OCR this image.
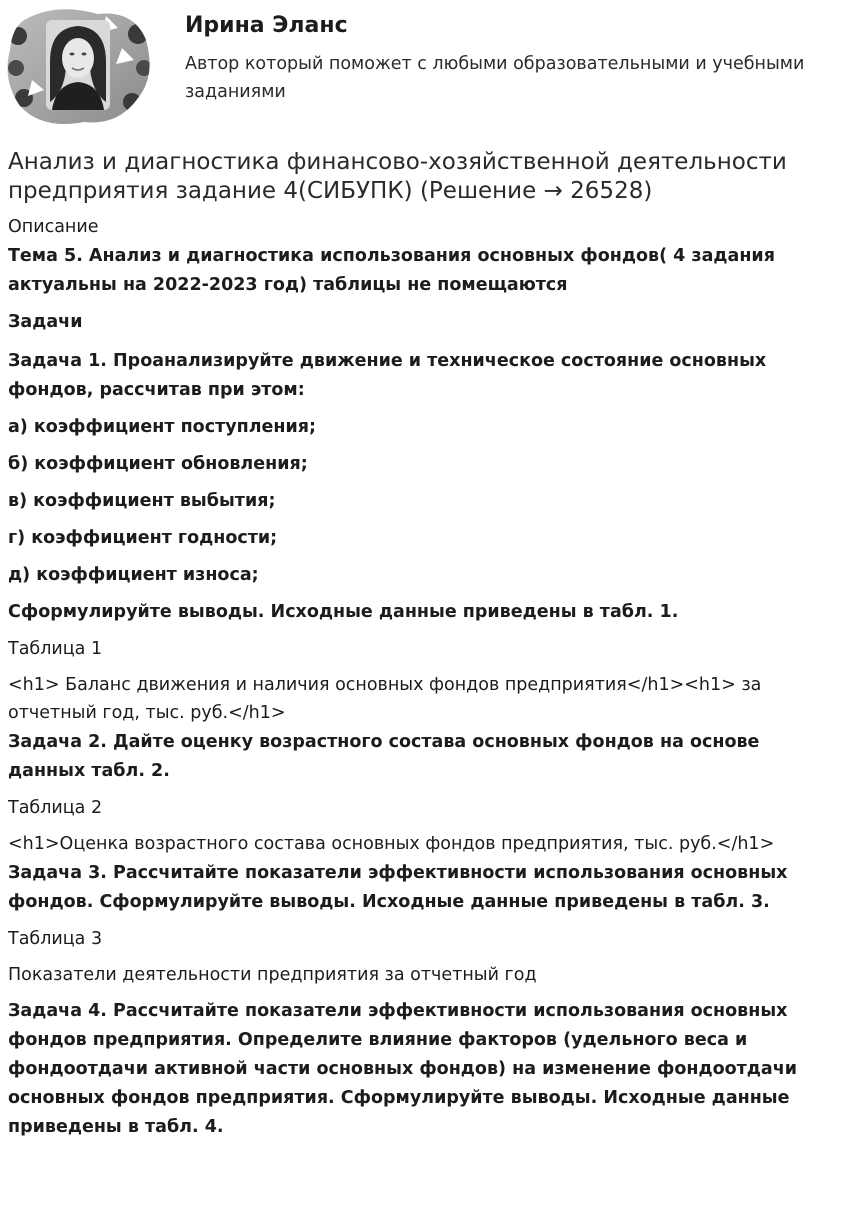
Ирина Эланс
Автор который поможет с любыми образовательными и учебными заданиями
Анализ и диагностика финансово-хозяйственной деятельности предприятия задание 4(СИБУПК) (Решение → 26528)
Описание

Тема 5. Анализ и диагностика использования основных фондов( 4 задания актуальны на 2022-2023 год) таблицы не помещаются

Задачи

Задача 1. Проанализируйте движение и техническое состояние основных фондов, рассчитав при этом:

а) коэффициент поступления;

б) коэффициент обновления;

в) коэффициент выбытия;

г) коэффициент годности;

д) коэффициент износа;

Сформулируйте выводы. Исходные данные приведены в табл. 1.

Таблица 1

<h1> Баланс движения и наличия основных фондов предприятия</h1><h1> за отчетный год, тыс. руб.</h1>

Задача 2. Дайте оценку возрастного состава основных фондов на основе данных табл. 2.

Таблица 2

<h1>Оценка возрастного состава основных фондов предприятия, тыс. руб.</h1>

Задача 3. Рассчитайте показатели эффективности использования основных фондов. Сформулируйте выводы. Исходные данные приведены в табл. 3.

Таблица 3

Показатели деятельности предприятия за отчетный год

Задача 4. Рассчитайте показатели эффективности использования основных фондов предприятия. Определите влияние факторов (удельного веса и фондоотдачи активной части основных фондов) на изменение фондоотдачи основных фондов предприятия. Сформулируйте выводы. Исходные данные приведены в табл. 4.
